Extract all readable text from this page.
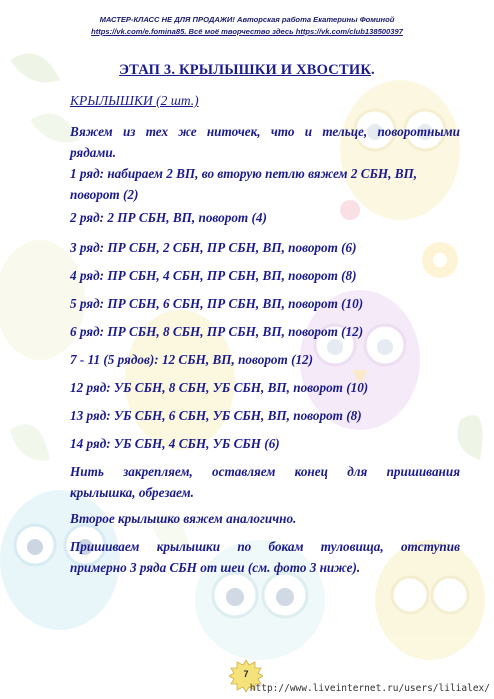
МАСТЕР-КЛАСС НЕ ДЛЯ ПРОДАЖИ! Авторская работа Екатерины Фоминой
https://vk.com/e.fomina85. Всё моё творчество здесь https://vk.com/club138500397
ЭТАП 3. КРЫЛЫШКИ И ХВОСТИК.
КРЫЛЫШКИ (2 шт.)
Вяжем из тех же ниточек, что и тельце, поворотными
рядами.
1 ряд: набираем 2 ВП, во вторую петлю вяжем 2 СБН, ВП,
поворот (2)
2 ряд: 2 ПР СБН, ВП, поворот (4)
3 ряд: ПР СБН, 2 СБН, ПР СБН, ВП, поворот (6)
4 ряд: ПР СБН, 4 СБН, ПР СБН, ВП, поворот (8)
5 ряд: ПР СБН, 6 СБН, ПР СБН, ВП, поворот (10)
6 ряд: ПР СБН, 8 СБН, ПР СБН, ВП, поворот (12)
7 - 11 (5 рядов): 12 СБН, ВП, поворот (12)
12 ряд: УБ СБН, 8 СБН, УБ СБН, ВП, поворот (10)
13 ряд: УБ СБН, 6 СБН, УБ СБН, ВП, поворот (8)
14 ряд: УБ СБН, 4 СБН, УБ СБН (6)
Нить закрепляем, оставляем конец для пришивания
крылышка, обрезаем.
Второе крылышко вяжем аналогично.
Пришиваем крылышки по бокам туловища, отступив
примерно 3 ряда СБН от шеи (см. фото 3 ниже).
7
http://www.liveinternet.ru/users/lilialex/
